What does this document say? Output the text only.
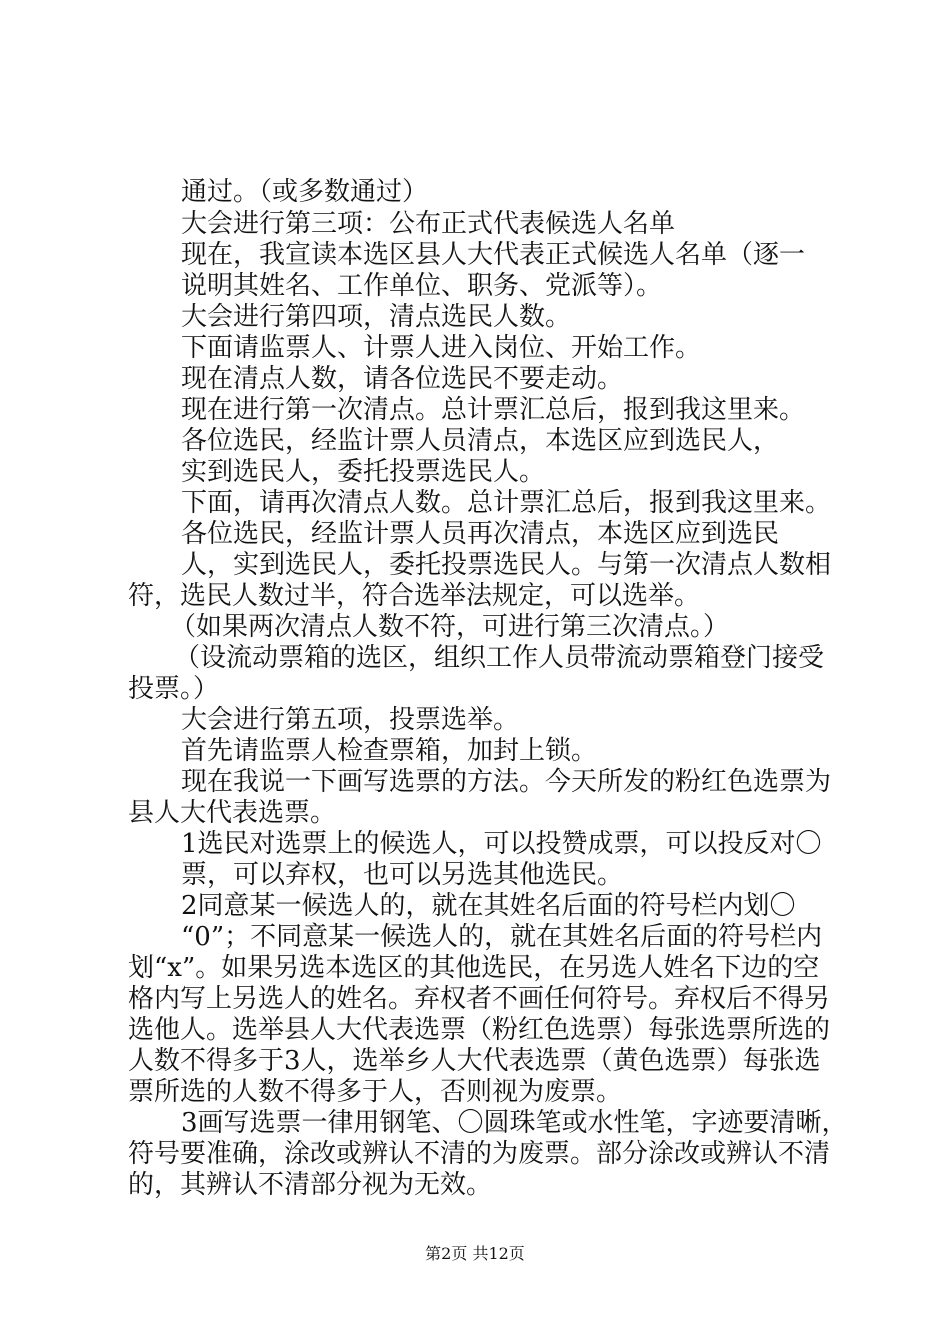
通过。（或多数通过）
大会进行第三项：公布正式代表候选人名单
现在，我宣读本选区县人大代表正式候选人名单（逐一
说明其姓名、工作单位、职务、党派等）。
大会进行第四项，清点选民人数。
下面请监票人、计票人进入岗位、开始工作。
现在清点人数，请各位选民不要走动。
现在进行第一次清点。总计票汇总后，报到我这里来。
各位选民，经监计票人员清点，本选区应到选民人，
实到选民人，委托投票选民人。
下面，请再次清点人数。总计票汇总后，报到我这里来。
各位选民，经监计票人员再次清点，本选区应到选民
人，实到选民人，委托投票选民人。与第一次清点人数相
符，选民人数过半，符合选举法规定，可以选举。
（如果两次清点人数不符，可进行第三次清点。）
（设流动票箱的选区，组织工作人员带流动票箱登门接受
投票。）
大会进行第五项，投票选举。
首先请监票人检查票箱，加封上锁。
现在我说一下画写选票的方法。今天所发的粉红色选票为
县人大代表选票。
1选民对选票上的候选人，可以投赞成票，可以投反对〇
票，可以弃权，也可以另选其他选民。
2同意某一候选人的，就在其姓名后面的符号栏内划〇
“0”；不同意某一候选人的，就在其姓名后面的符号栏内
划“x”。如果另选本选区的其他选民，在另选人姓名下边的空
格内写上另选人的姓名。弃权者不画任何符号。弃权后不得另
选他人。选举县人大代表选票（粉红色选票）每张选票所选的
人数不得多于3人，选举乡人大代表选票（黄色选票）每张选
票所选的人数不得多于人，否则视为废票。
3画写选票一律用钢笔、〇圆珠笔或水性笔，字迹要清晰，
符号要准确，涂改或辨认不清的为废票。部分涂改或辨认不清
的，其辨认不清部分视为无效。
第2页 共12页
